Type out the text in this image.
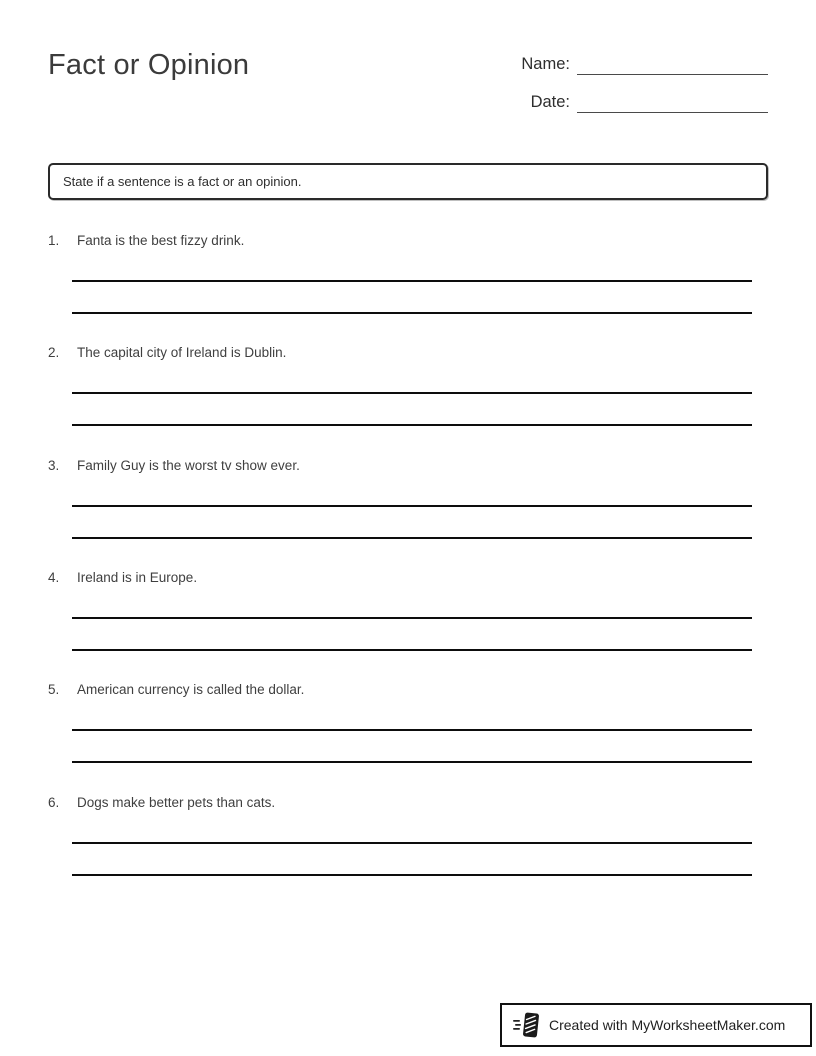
Fact or Opinion	Name:
Date:
State if a sentence is a fact or an opinion.
1.	Fanta is the best fizzy drink.
2.	The capital city of Ireland is Dublin.
3.	Family Guy is the worst tv show ever.
4.	Ireland is in Europe.
5.	American currency is called the dollar.
6.	Dogs make better pets than cats.
Created with MyWorksheetMaker.com
